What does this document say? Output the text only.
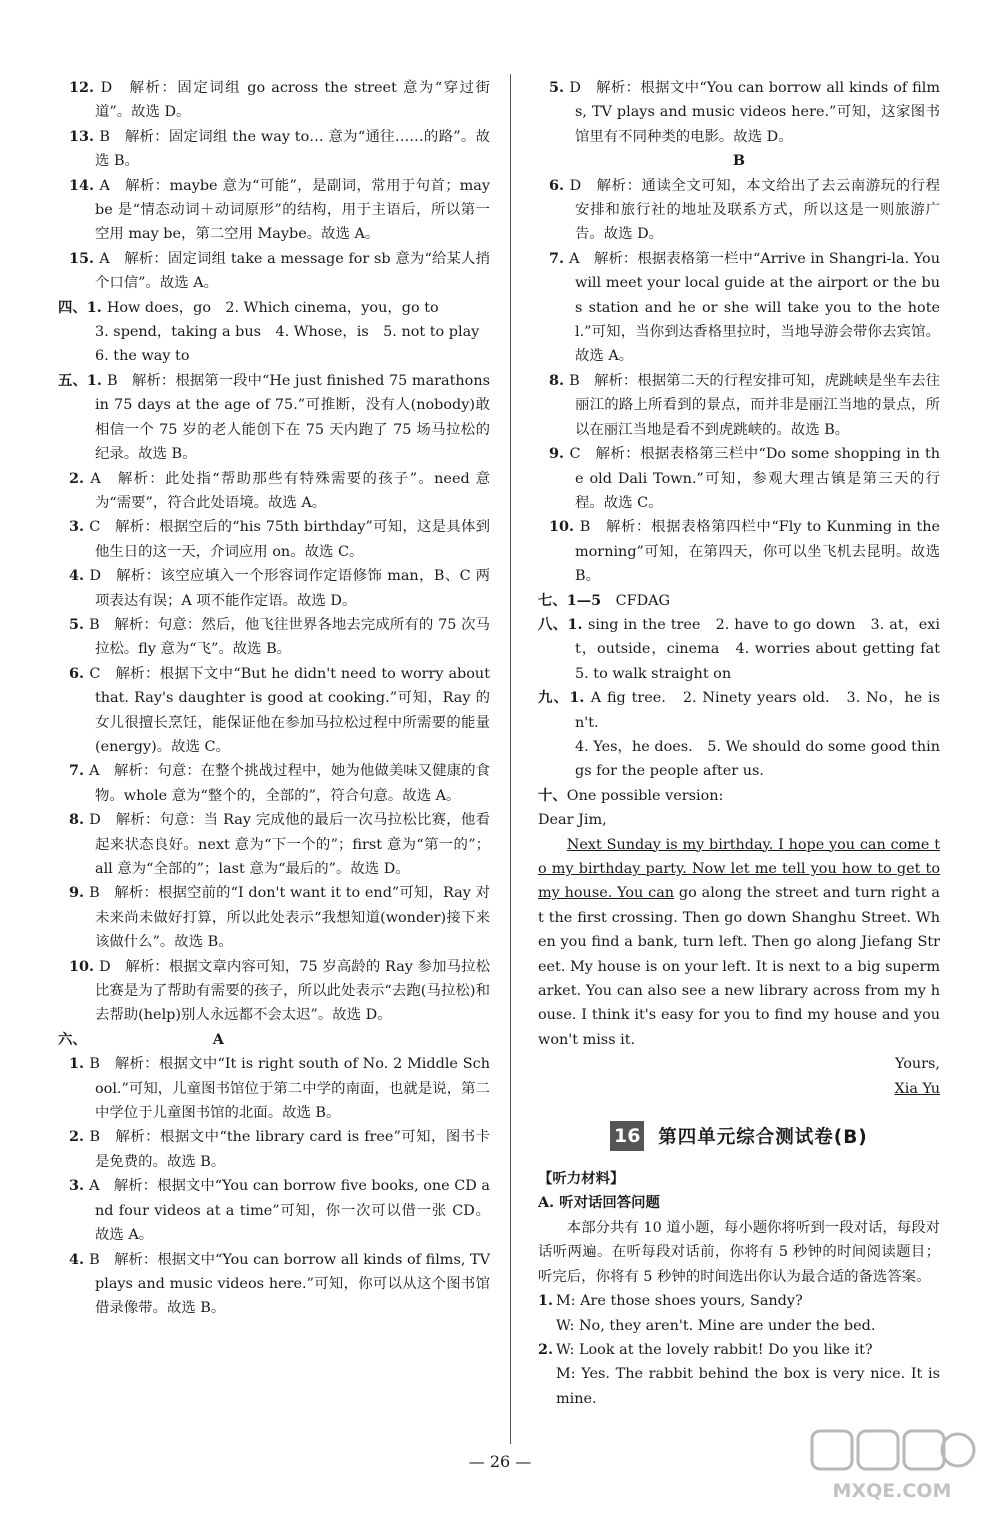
12. D　解析：固定词组 go across the street 意为“穿过街道”。故选 D。
13. B　解析：固定词组 the way to… 意为“通往……的路”。故选 B。
14. A　解析：maybe 意为“可能”，是副词，常用于句首；may be 是“情态动词＋动词原形”的结构，用于主语后，所以第一空用 may be，第二空用 Maybe。故选 A。
15. A　解析：固定词组 take a message for sb 意为“给某人捎个口信”。故选 A。
四、1. How does，go　2. Which cinema，you，go to
3. spend，taking a bus　4. Whose，is　5. not to play
6. the way to
五、1. B　解析：根据第一段中“He just finished 75 marathons in 75 days at the age of 75.”可推断，没有人(nobody)敢相信一个 75 岁的老人能创下在 75 天内跑了 75 场马拉松的纪录。故选 B。
2. A　解析：此处指“帮助那些有特殊需要的孩子”。need 意为“需要”，符合此处语境。故选 A。
3. C　解析：根据空后的“his 75th birthday”可知，这是具体到他生日的这一天，介词应用 on。故选 C。
4. D　解析：该空应填入一个形容词作定语修饰 man，B、C 两项表达有误；A 项不能作定语。故选 D。
5. B　解析：句意：然后，他飞往世界各地去完成所有的 75 次马拉松。fly 意为“飞”。故选 B。
6. C　解析：根据下文中“But he didn't need to worry about that. Ray's daughter is good at cooking.”可知，Ray 的女儿很擅长烹饪，能保证他在参加马拉松过程中所需要的能量(energy)。故选 C。
7. A　解析：句意：在整个挑战过程中，她为他做美味又健康的食物。whole 意为“整个的，全部的”，符合句意。故选 A。
8. D　解析：句意：当 Ray 完成他的最后一次马拉松比赛，他看起来状态良好。next 意为“下一个的”；first 意为“第一的”；all 意为“全部的”；last 意为“最后的”。故选 D。
9. B　解析：根据空前的“I don't want it to end”可知，Ray 对未来尚未做好打算，所以此处表示“我想知道(wonder)接下来该做什么”。故选 B。
10. D　解析：根据文章内容可知，75 岁高龄的 Ray 参加马拉松比赛是为了帮助有需要的孩子，所以此处表示“去跑(马拉松)和去帮助(help)别人永远都不会太迟”。故选 D。
六、	A
1. B　解析：根据文中“It is right south of No. 2 Middle School.”可知，儿童图书馆位于第二中学的南面，也就是说，第二中学位于儿童图书馆的北面。故选 B。
2. B　解析：根据文中“the library card is free”可知，图书卡是免费的。故选 B。
3. A　解析：根据文中“You can borrow five books, one CD and four videos at a time”可知，你一次可以借一张 CD。故选 A。
4. B　解析：根据文中“You can borrow all kinds of films, TV plays and music videos here.”可知，你可以从这个图书馆借录像带。故选 B。
5. D　解析：根据文中“You can borrow all kinds of films, TV plays and music videos here.”可知，这家图书馆里有不同种类的电影。故选 D。
B
6. D　解析：通读全文可知，本文给出了去云南游玩的行程安排和旅行社的地址及联系方式，所以这是一则旅游广告。故选 D。
7. A　解析：根据表格第一栏中“Arrive in Shangri-la. You will meet your local guide at the airport or the bus station and he or she will take you to the hotel.”可知，当你到达香格里拉时，当地导游会带你去宾馆。故选 A。
8. B　解析：根据第二天的行程安排可知，虎跳峡是坐车去往丽江的路上所看到的景点，而并非是丽江当地的景点，所以在丽江当地是看不到虎跳峡的。故选 B。
9. C　解析：根据表格第三栏中“Do some shopping in the old Dali Town.”可知，参观大理古镇是第三天的行程。故选 C。
10. B　解析：根据表格第四栏中“Fly to Kunming in the morning”可知，在第四天，你可以坐飞机去昆明。故选 B。
七、1—5　CFDAG
八、1. sing in the tree　2. have to go down　3. at，exit，outside，cinema　4. worries about getting fat　5. to walk straight on
九、1. A fig tree.　2. Ninety years old.　3. No，he isn't.
4. Yes，he does.　5. We should do some good things for the people after us.
十、One possible version:
Dear Jim,
Next Sunday is my birthday. I hope you can come to my birthday party. Now let me tell you how to get to my house. You can go along the street and turn right at the first crossing. Then go down Shanghu Street. When you find a bank, turn left. Then go along Jiefang Street. My house is on your left. It is next to a big supermarket. You can also see a new library across from my house. I think it's easy for you to find my house and you won't miss it.
Yours,
Xia Yu
16 第四单元综合测试卷(B)
【听力材料】
A. 听对话回答问题
本部分共有 10 道小题，每小题你将听到一段对话，每段对话听两遍。在听每段对话前，你将有 5 秒钟的时间阅读题目；听完后，你将有 5 秒钟的时间选出你认为最合适的备选答案。
1.M: Are those shoes yours, Sandy?
W: No, they aren't. Mine are under the bed.
2.W: Look at the lovely rabbit! Do you like it?
M: Yes. The rabbit behind the box is very nice. It is mine.
— 26 —
MXQE.COM
